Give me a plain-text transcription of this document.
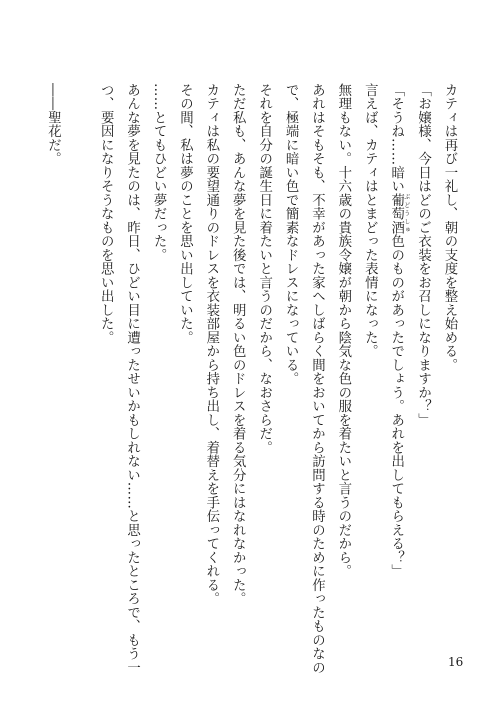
カティは再び一礼し、朝の支度を整え始める。
「お嬢様、今日はどのご衣装をお召しになりますか？」
「そうね……暗い葡萄酒 ぶどうしゅ色のものがあったでしょう。あれを出してもらえる？」
言えば、カティはとまどった表情になった。
無理もない。十六歳の貴族令嬢が朝から陰気な色の服を着たいと言うのだから。
あれはそもそも、不幸があった家へしばらく間をおいてから訪問する時のために作ったものなの
で、極端に暗い色で簡素なドレスになっている。
それを自分の誕生日に着たいと言うのだから、なおさらだ。
ただ私も、あんな夢を見た後では、明るい色のドレスを着る気分にはなれなかった。
カティは私の要望通りのドレスを衣装部屋から持ち出し、着替えを手伝ってくれる。
その間、私は夢のことを思い出していた。
……とてもひどい夢だった。
あんな夢を見たのは、昨日、ひどい目に遭ったせいかもしれない……と思ったところで、もう一
つ、要因になりそうなものを思い出した。
――聖花だ。
16
